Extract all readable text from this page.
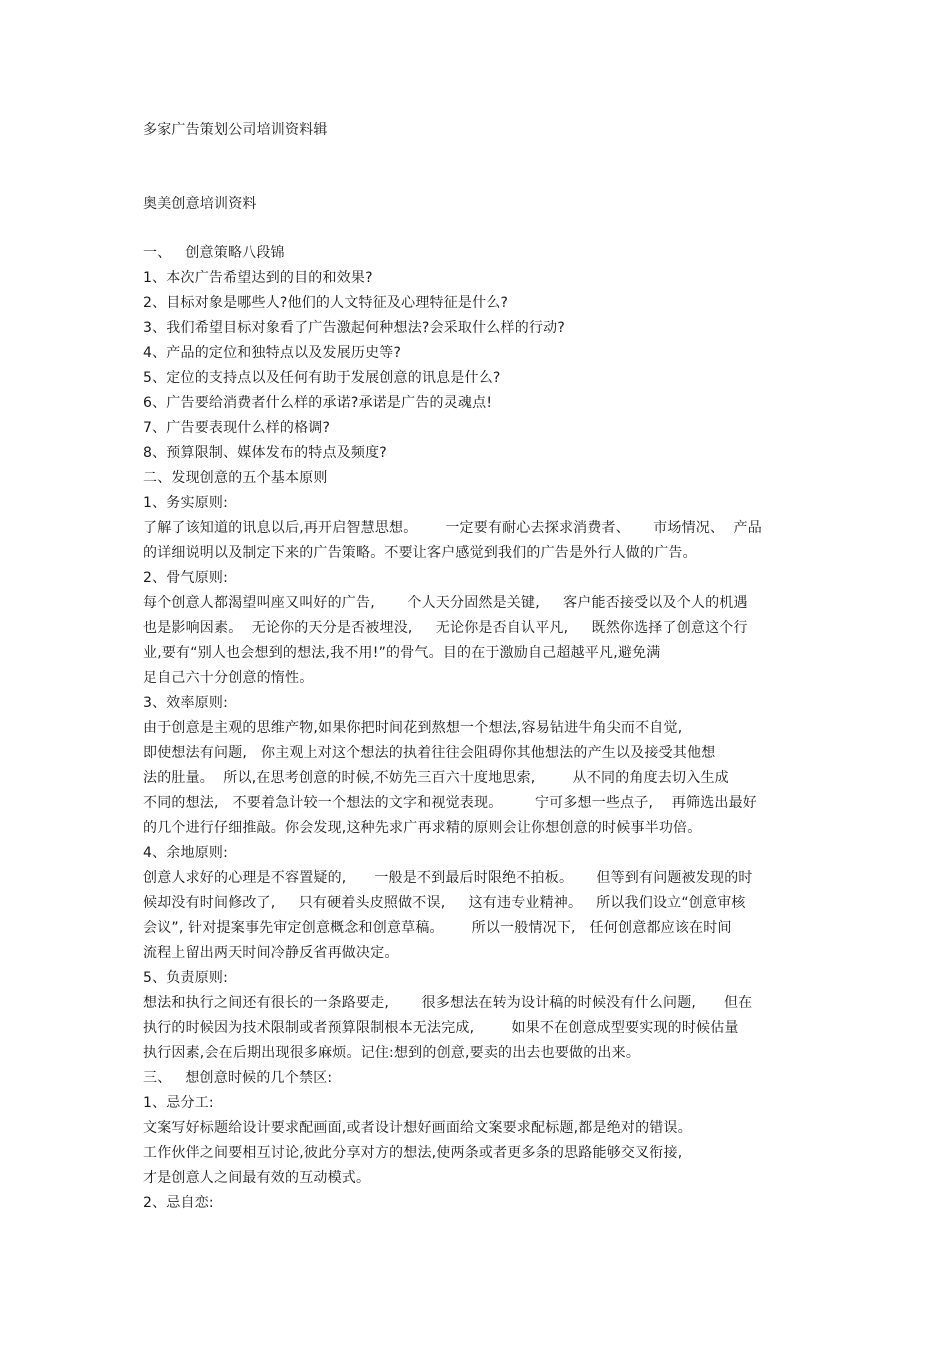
多家广告策划公司培训资料辑
奥美创意培训资料
一、   创意策略八段锦
1、本次广告希望达到的目的和效果?
2、目标对象是哪些人?他们的人文特征及心理特征是什么?
3、我们希望目标对象看了广告激起何种想法?会采取什么样的行动?
4、产品的定位和独特点以及发展历史等?
5、定位的支持点以及任何有助于发展创意的讯息是什么?
6、广告要给消费者什么样的承诺?承诺是广告的灵魂点!
7、广告要表现什么样的格调?
8、预算限制、媒体发布的特点及频度?
二、发现创意的五个基本原则
1、务实原则:
了解了该知道的讯息以后,再开启智慧思想。      一定要有耐心去探求消费者、     市场情况、  产品
的详细说明以及制定下来的广告策略。不要让客户感觉到我们的广告是外行人做的广告。
2、骨气原则:
每个创意人都渴望叫座又叫好的广告,       个人天分固然是关键,     客户能否接受以及个人的机遇
也是影响因素。  无论你的天分是否被埋没,     无论你是否自认平凡,     既然你选择了创意这个行
业,要有“别人也会想到的想法,我不用!”的骨气。目的在于激励自己超越平凡,避免满
足自己六十分创意的惰性。
3、效率原则:
由于创意是主观的思维产物,如果你把时间花到熬想一个想法,容易钻进牛角尖而不自觉,
即使想法有问题,   你主观上对这个想法的执着往往会阻碍你其他想法的产生以及接受其他想
法的肚量。  所以,在思考创意的时候,不妨先三百六十度地思索,        从不同的角度去切入生成
不同的想法,   不要着急计较一个想法的文字和视觉表现。       宁可多想一些点子,    再筛选出最好
的几个进行仔细推敲。你会发现,这种先求广再求精的原则会让你想创意的时候事半功倍。
4、余地原则:
创意人求好的心理是不容置疑的,      一般是不到最后时限绝不拍板。     但等到有问题被发现的时
候却没有时间修改了,     只有硬着头皮照做不误,     这有违专业精神。   所以我们设立“创意审核
会议”, 针对提案事先审定创意概念和创意草稿。      所以一般情况下,   任何创意都应该在时间
流程上留出两天时间冷静反省再做决定。
5、负责原则:
想法和执行之间还有很长的一条路要走,       很多想法在转为设计稿的时候没有什么问题,      但在
执行的时候因为技术限制或者预算限制根本无法完成,        如果不在创意成型要实现的时候估量
执行因素,会在后期出现很多麻烦。记住:想到的创意,要卖的出去也要做的出来。
三、   想创意时候的几个禁区:
1、忌分工:
文案写好标题给设计要求配画面,或者设计想好画面给文案要求配标题,都是绝对的错误。
工作伙伴之间要相互讨论,彼此分享对方的想法,使两条或者更多条的思路能够交叉衔接,
才是创意人之间最有效的互动模式。
2、忌自恋:
